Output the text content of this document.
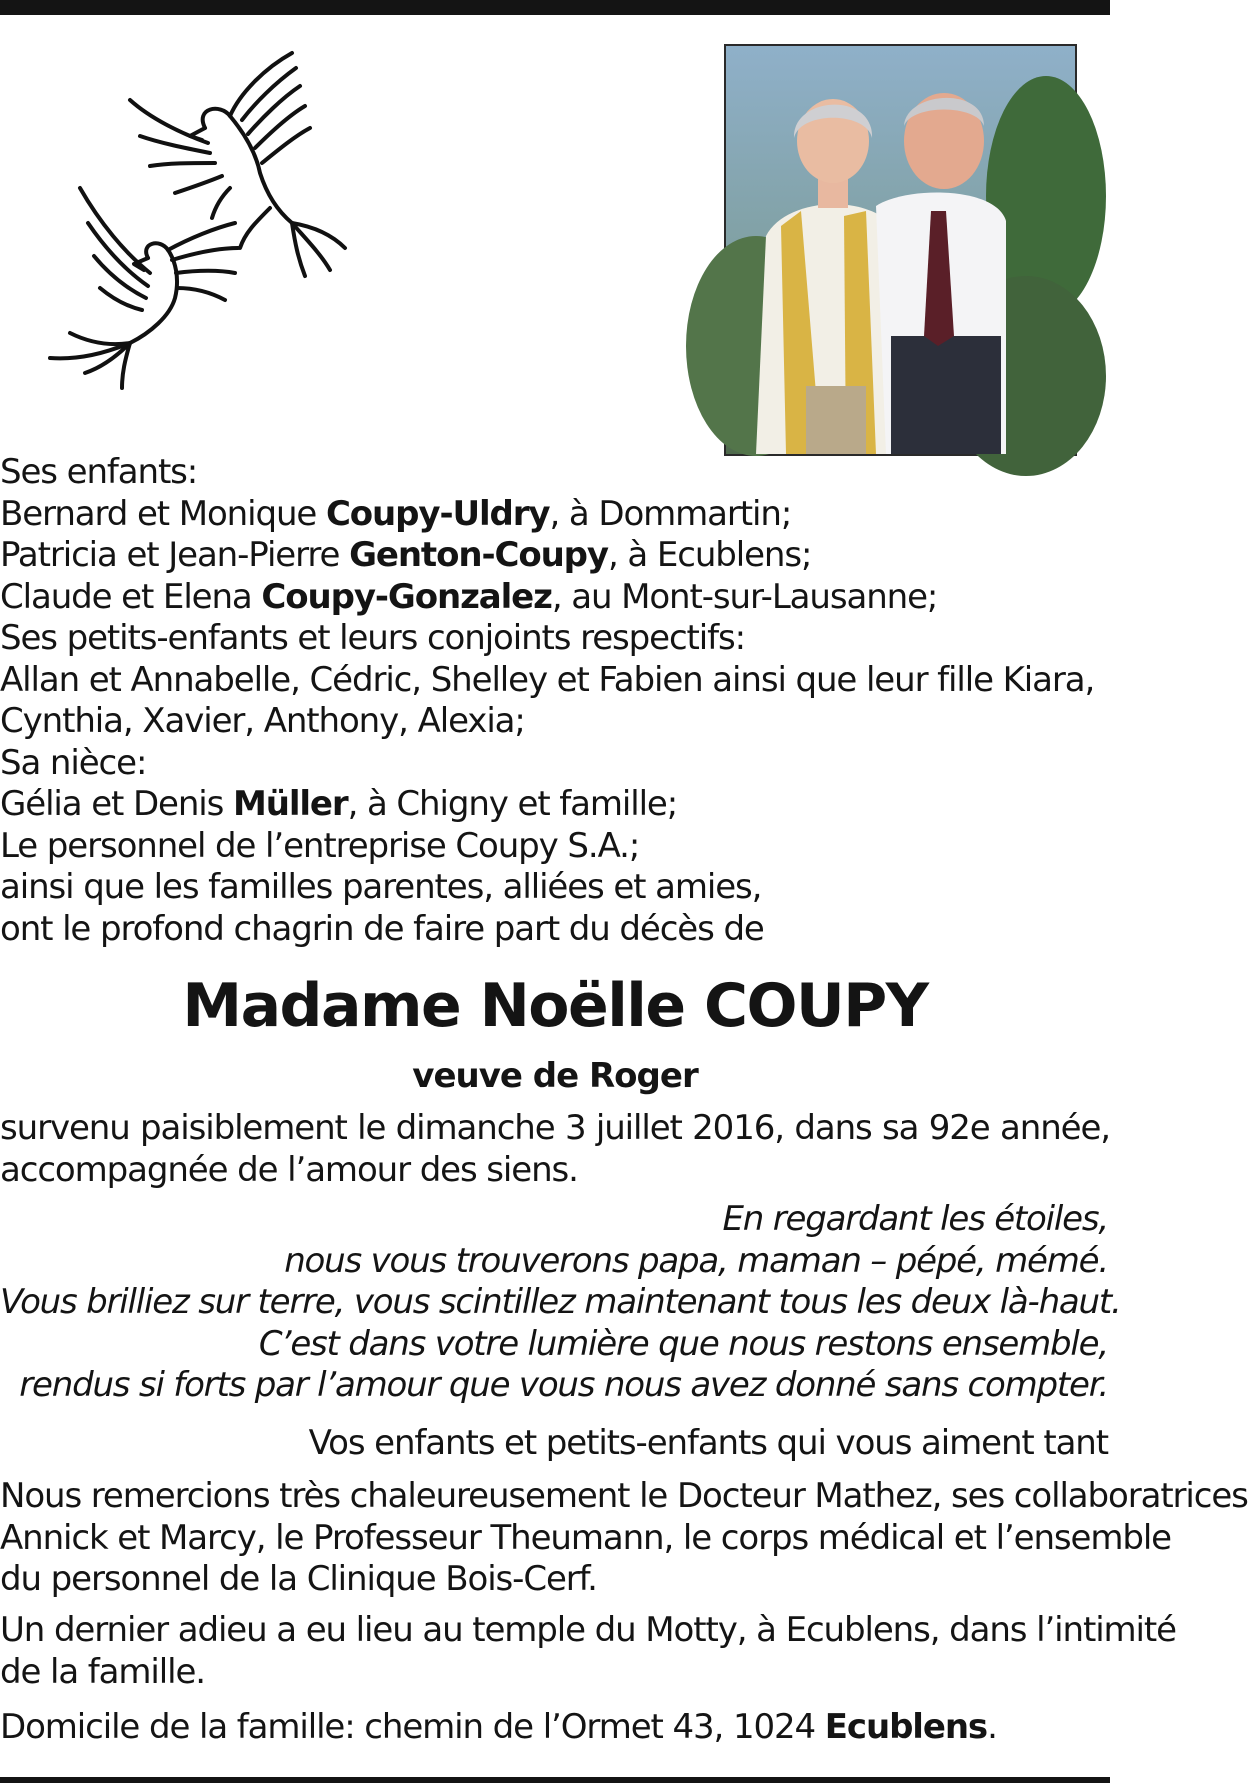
Ses enfants:
Bernard et Monique Coupy-Uldry, à Dommartin;
Patricia et Jean-Pierre Genton-Coupy, à Ecublens;
Claude et Elena Coupy-Gonzalez, au Mont-sur-Lausanne;
Ses petits-enfants et leurs conjoints respectifs:
Allan et Annabelle, Cédric, Shelley et Fabien ainsi que leur fille Kiara,
Cynthia, Xavier, Anthony, Alexia;
Sa nièce:
Gélia et Denis Müller, à Chigny et famille;
Le personnel de l’entreprise Coupy S.A.;
ainsi que les familles parentes, alliées et amies,
ont le profond chagrin de faire part du décès de
Madame Noëlle COUPY
veuve de Roger
survenu paisiblement le dimanche 3 juillet 2016, dans sa 92e année,
accompagnée de l’amour des siens.
En regardant les étoiles,
nous vous trouverons papa, maman – pépé, mémé.
Vous brilliez sur terre, vous scintillez maintenant tous les deux là-haut.
C’est dans votre lumière que nous restons ensemble,
rendus si forts par l’amour que vous nous avez donné sans compter.
Vos enfants et petits-enfants qui vous aiment tant
Nous remercions très chaleureusement le Docteur Mathez, ses collaboratrices
Annick et Marcy, le Professeur Theumann, le corps médical et l’ensemble
du personnel de la Clinique Bois-Cerf.
Un dernier adieu a eu lieu au temple du Motty, à Ecublens, dans l’intimité
de la famille.
Domicile de la famille: chemin de l’Ormet 43, 1024 Ecublens.
